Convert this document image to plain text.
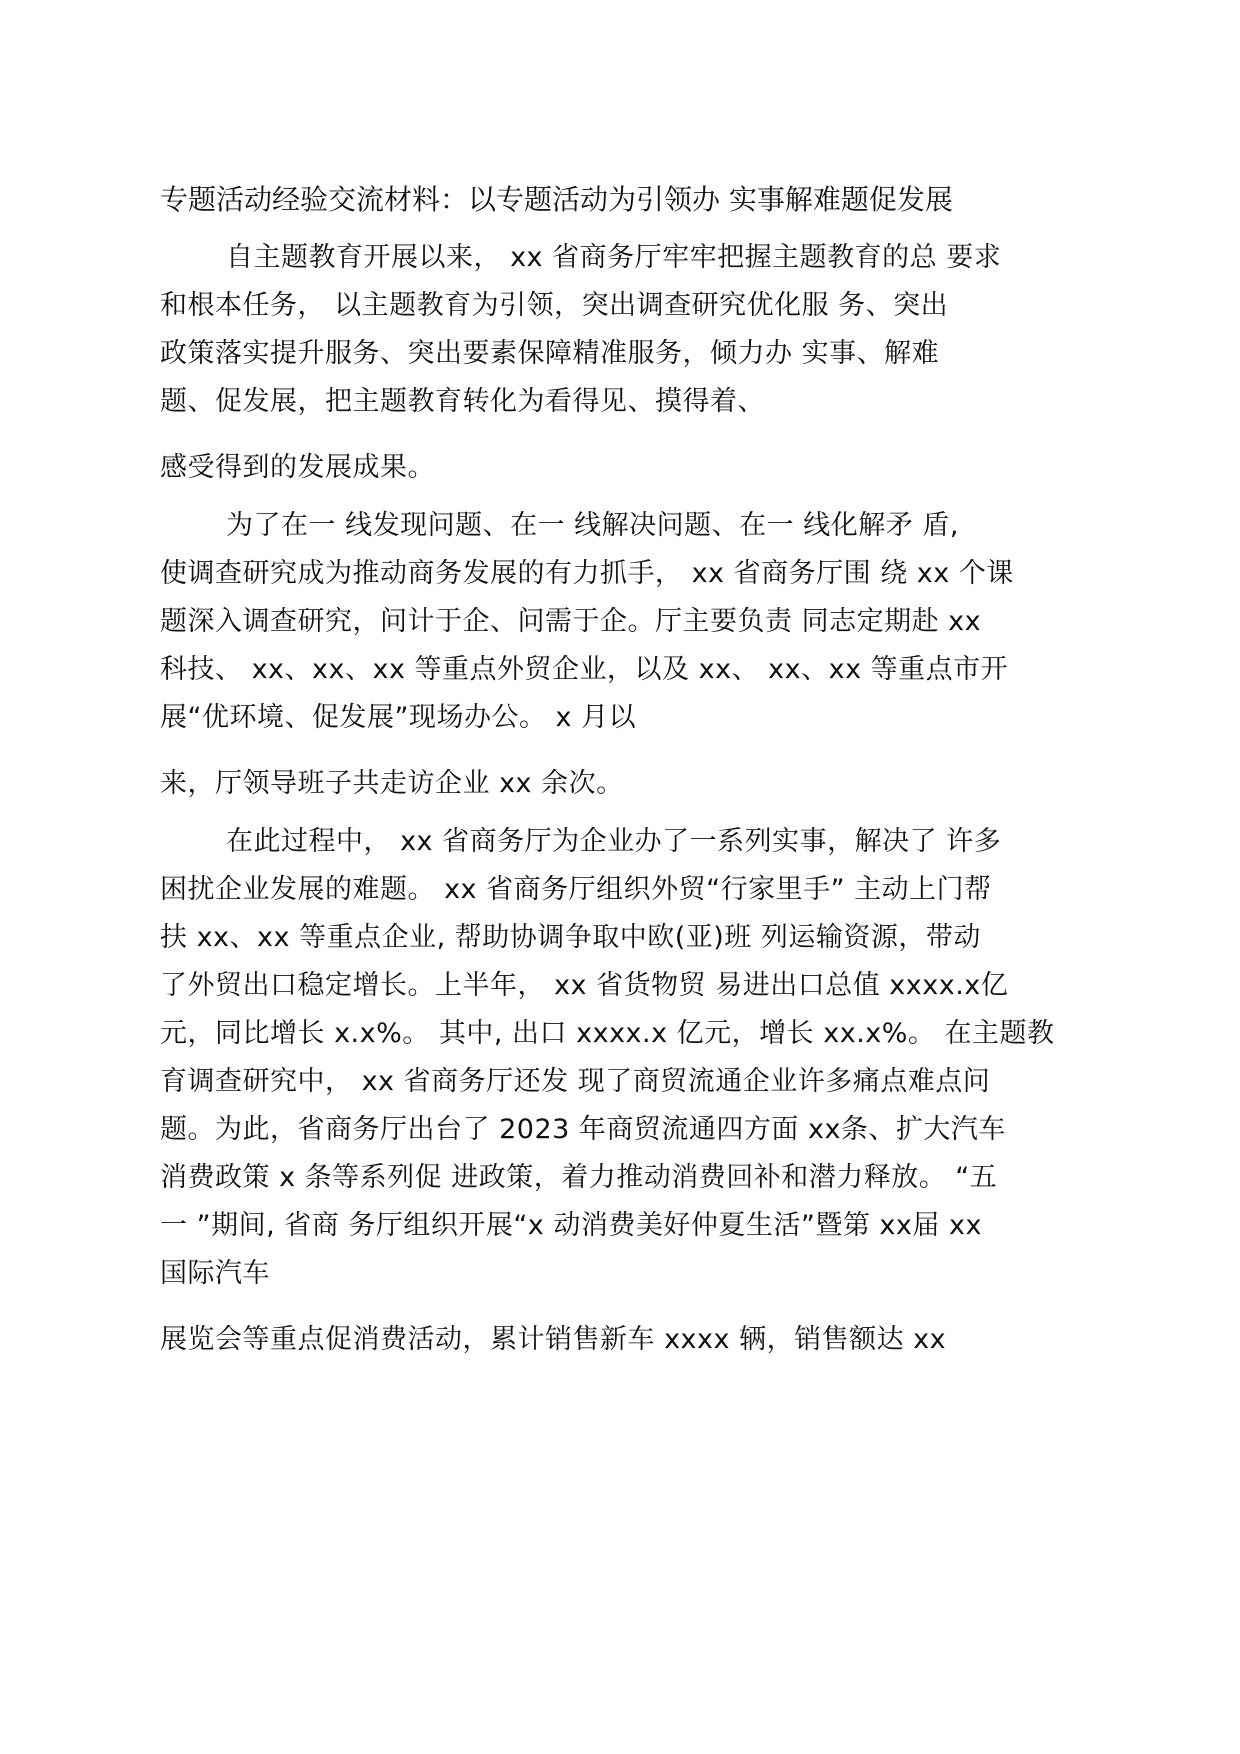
专题活动经验交流材料：以专题活动为引领办 实事解难题促发展
自主题教育开展以来， xx 省商务厅牢牢把握主题教育的总 要求
和根本任务， 以主题教育为引领，突出调查研究优化服 务、突出
政策落实提升服务、突出要素保障精准服务，倾力办 实事、解难
题、促发展，把主题教育转化为看得见、摸得着、
感受得到的发展成果。
为了在一 线发现问题、在一 线解决问题、在一 线化解矛 盾,
使调查研究成为推动商务发展的有力抓手， xx 省商务厅围 绕 xx 个课
题深入调查研究，问计于企、问需于企。厅主要负责 同志定期赴 xx
科技、 xx、xx、xx 等重点外贸企业，以及 xx、 xx、xx 等重点市开
展“优环境、促发展”现场办公。 x 月以
来，厅领导班子共走访企业 xx 余次。
在此过程中， xx 省商务厅为企业办了一系列实事，解决了 许多
困扰企业发展的难题。 xx 省商务厅组织外贸“行家里手” 主动上门帮
扶 xx、xx 等重点企业, 帮助协调争取中欧(亚)班 列运输资源，带动
了外贸出口稳定增长。上半年， xx 省货物贸 易进出口总值 xxxx.x亿
元，同比增长 x.x%。 其中, 出口 xxxx.x 亿元，增长 xx.x%。 在主题教
育调查研究中， xx 省商务厅还发 现了商贸流通企业许多痛点难点问
题。为此，省商务厅出台了 2023 年商贸流通四方面 xx条、扩大汽车
消费政策 x 条等系列促 进政策，着力推动消费回补和潜力释放。 “五
一 ”期间, 省商 务厅组织开展“x 动消费美好仲夏生活”暨第 xx届 xx
国际汽车
展览会等重点促消费活动，累计销售新车 xxxx 辆，销售额达 xx
